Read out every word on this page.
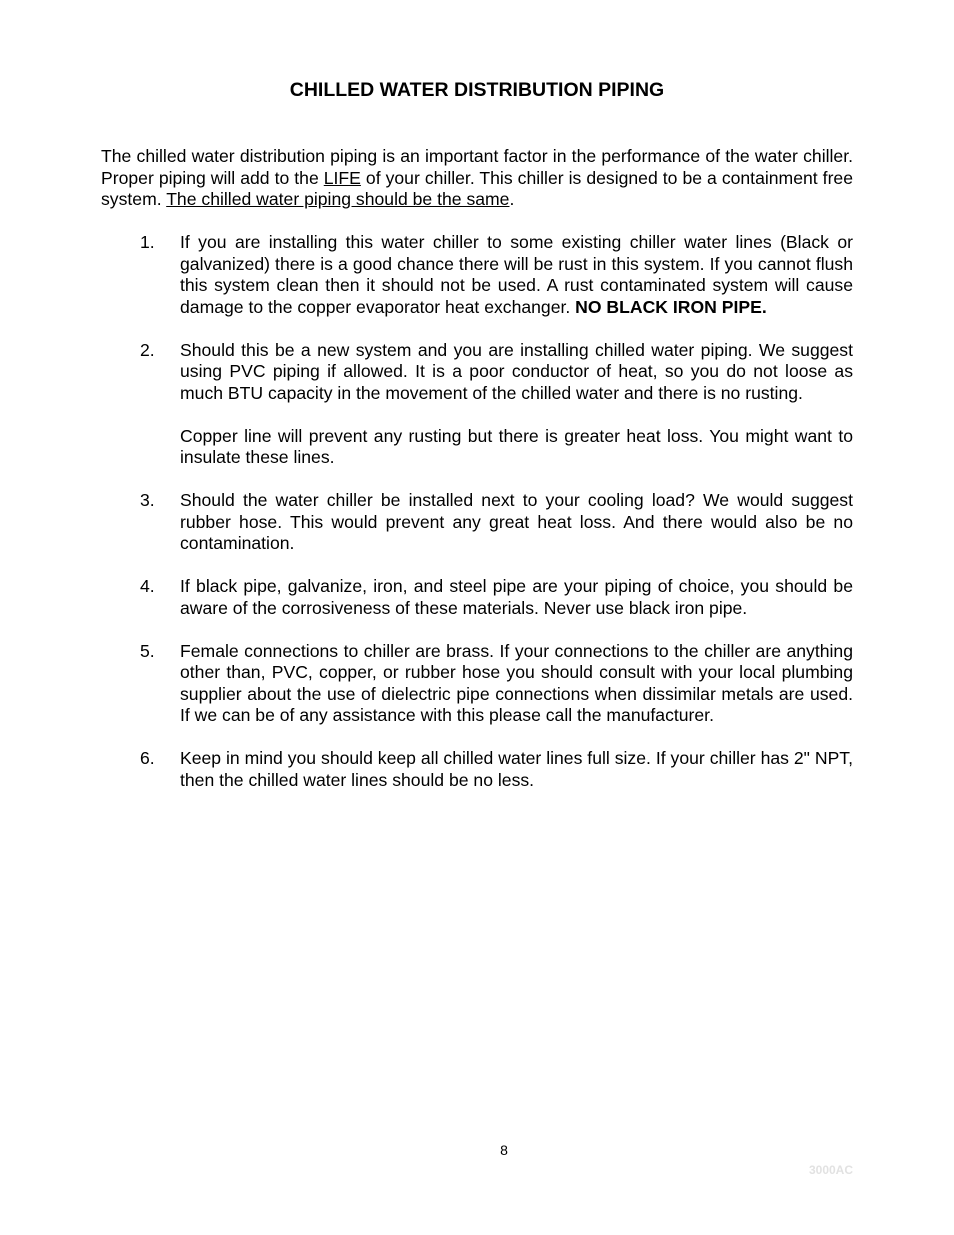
CHILLED WATER DISTRIBUTION PIPING

The chilled water distribution piping is an important factor in the performance of the water chiller. Proper piping will add to the LIFE of your chiller. This chiller is designed to be a containment free system. The chilled water piping should be the same.

1.	If you are installing this water chiller to some existing chiller water lines (Black or galvanized) there is a good chance there will be rust in this system. If you cannot flush this system clean then it should not be used. A rust contaminated system will cause damage to the copper evaporator heat exchanger. NO BLACK IRON PIPE.

2.	Should this be a new system and you are installing chilled water piping. We suggest using PVC piping if allowed. It is a poor conductor of heat, so you do not loose as much BTU capacity in the movement of the chilled water and there is no rusting.

Copper line will prevent any rusting but there is greater heat loss. You might want to insulate these lines.

3.	Should the water chiller be installed next to your cooling load? We would suggest rubber hose. This would prevent any great heat loss. And there would also be no contamination.

4.	If black pipe, galvanize, iron, and steel pipe are your piping of choice, you should be aware of the corrosiveness of these materials. Never use black iron pipe.

5.	Female connections to chiller are brass. If your connections to the chiller are anything other than, PVC, copper, or rubber hose you should consult with your local plumbing supplier about the use of dielectric pipe connections when dissimilar metals are used. If we can be of any assistance with this please call the manufacturer.

6.	Keep in mind you should keep all chilled water lines full size. If your chiller has 2" NPT, then the chilled water lines should be no less.

8
3000AC
